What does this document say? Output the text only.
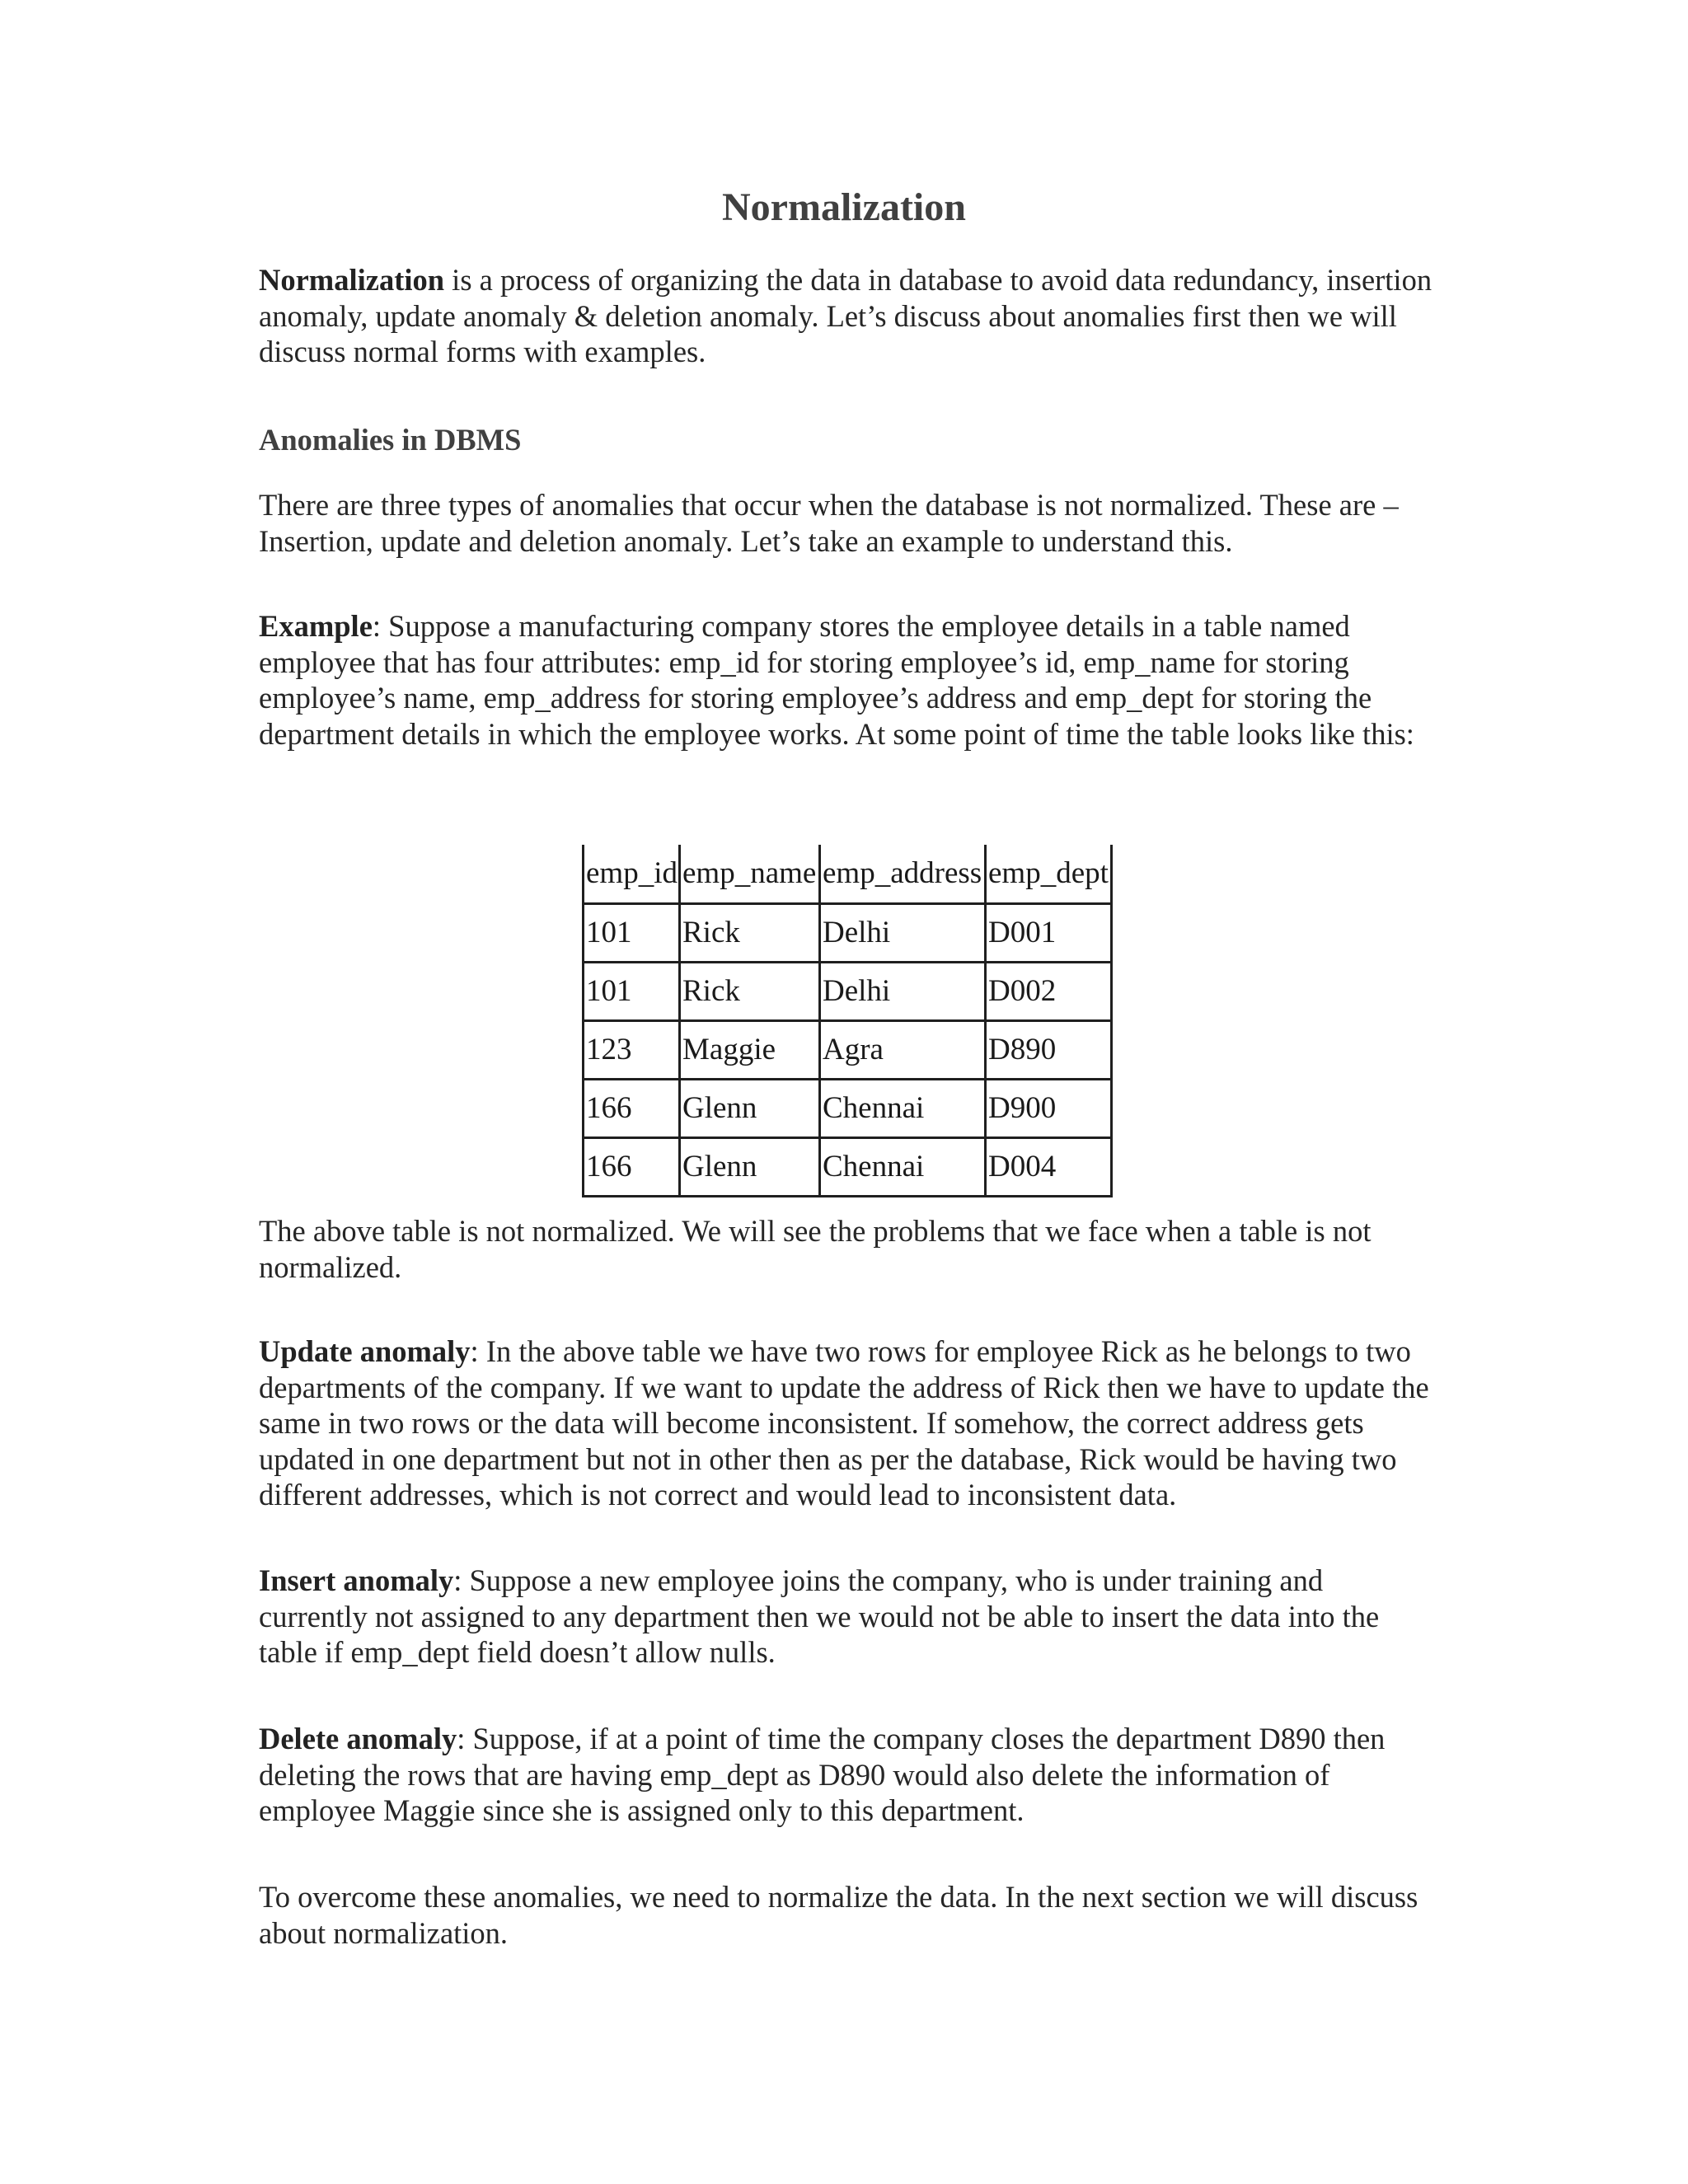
Normalization

Normalization is a process of organizing the data in database to avoid data redundancy, insertion anomaly, update anomaly & deletion anomaly. Let’s discuss about anomalies first then we will discuss normal forms with examples.

Anomalies in DBMS

There are three types of anomalies that occur when the database is not normalized. These are – Insertion, update and deletion anomaly. Let’s take an example to understand this.

Example: Suppose a manufacturing company stores the employee details in a table named employee that has four attributes: emp_id for storing employee’s id, emp_name for storing employee’s name, emp_address for storing employee’s address and emp_dept for storing the department details in which the employee works. At some point of time the table looks like this:

emp_id	emp_name	emp_address	emp_dept
101	Rick	Delhi	D001
101	Rick	Delhi	D002
123	Maggie	Agra	D890
166	Glenn	Chennai	D900
166	Glenn	Chennai	D004

The above table is not normalized. We will see the problems that we face when a table is not normalized.

Update anomaly: In the above table we have two rows for employee Rick as he belongs to two departments of the company. If we want to update the address of Rick then we have to update the same in two rows or the data will become inconsistent. If somehow, the correct address gets updated in one department but not in other then as per the database, Rick would be having two different addresses, which is not correct and would lead to inconsistent data.

Insert anomaly: Suppose a new employee joins the company, who is under training and currently not assigned to any department then we would not be able to insert the data into the table if emp_dept field doesn’t allow nulls.

Delete anomaly: Suppose, if at a point of time the company closes the department D890 then deleting the rows that are having emp_dept as D890 would also delete the information of employee Maggie since she is assigned only to this department.

To overcome these anomalies, we need to normalize the data. In the next section we will discuss about normalization.
